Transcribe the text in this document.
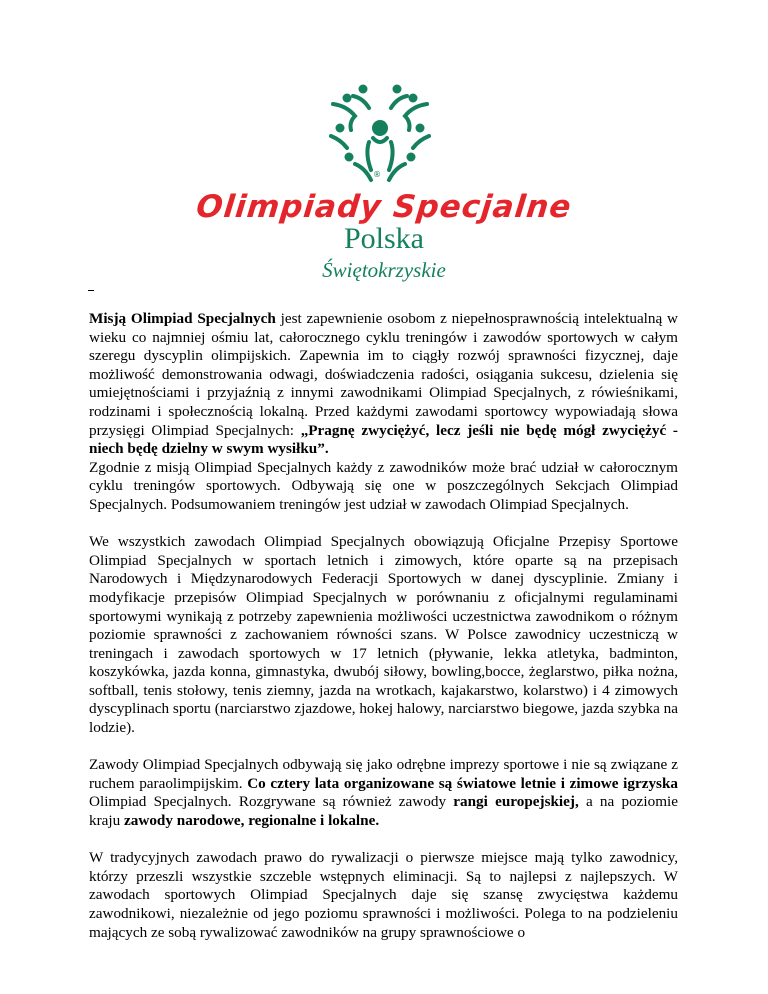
®
Olimpiady Specjalne
Polska
Świętokrzyskie

Misją Olimpiad Specjalnych jest zapewnienie osobom z niepełnosprawnością intelektualną w wieku co najmniej ośmiu lat, całorocznego cyklu treningów i zawodów sportowych w całym szeregu dyscyplin olimpijskich. Zapewnia im to ciągły rozwój sprawności fizycznej, daje możliwość demonstrowania odwagi, doświadczenia radości, osiągania sukcesu, dzielenia się umiejętnościami i przyjaźnią z innymi zawodnikami Olimpiad Specjalnych, z rówieśnikami, rodzinami i społecznością lokalną. Przed każdymi zawodami sportowcy wypowiadają słowa przysięgi Olimpiad Specjalnych: „Pragnę zwyciężyć, lecz jeśli nie będę mógł zwyciężyć - niech będę dzielny w swym wysiłku”.
Zgodnie z misją Olimpiad Specjalnych każdy z zawodników może brać udział w całorocznym cyklu treningów sportowych. Odbywają się one w poszczególnych Sekcjach Olimpiad Specjalnych. Podsumowaniem treningów jest udział w zawodach Olimpiad Specjalnych.

We wszystkich zawodach Olimpiad Specjalnych obowiązują Oficjalne Przepisy Sportowe Olimpiad Specjalnych w sportach letnich i zimowych, które oparte są na przepisach Narodowych i Międzynarodowych Federacji Sportowych w danej dyscyplinie. Zmiany i modyfikacje przepisów Olimpiad Specjalnych w porównaniu z oficjalnymi regulaminami sportowymi wynikają z potrzeby zapewnienia możliwości uczestnictwa zawodnikom o różnym poziomie sprawności z zachowaniem równości szans. W Polsce zawodnicy uczestniczą w treningach i zawodach sportowych w 17 letnich (pływanie, lekka atletyka, badminton, koszykówka, jazda konna, gimnastyka, dwubój siłowy, bowling,bocce, żeglarstwo, piłka nożna, softball, tenis stołowy, tenis ziemny, jazda na wrotkach, kajakarstwo, kolarstwo) i 4 zimowych dyscyplinach sportu (narciarstwo zjazdowe, hokej halowy, narciarstwo biegowe, jazda szybka na lodzie).

Zawody Olimpiad Specjalnych odbywają się jako odrębne imprezy sportowe i nie są związane z ruchem paraolimpijskim. Co cztery lata organizowane są światowe letnie i zimowe igrzyska Olimpiad Specjalnych. Rozgrywane są również zawody rangi europejskiej, a na poziomie kraju zawody narodowe, regionalne i lokalne.

W tradycyjnych zawodach prawo do rywalizacji o pierwsze miejsce mają tylko zawodnicy, którzy przeszli wszystkie szczeble wstępnych eliminacji. Są to najlepsi z najlepszych. W zawodach sportowych Olimpiad Specjalnych daje się szansę zwycięstwa każdemu zawodnikowi, niezależnie od jego poziomu sprawności i możliwości. Polega to na podzieleniu mających ze sobą rywalizować zawodników na grupy sprawnościowe o
